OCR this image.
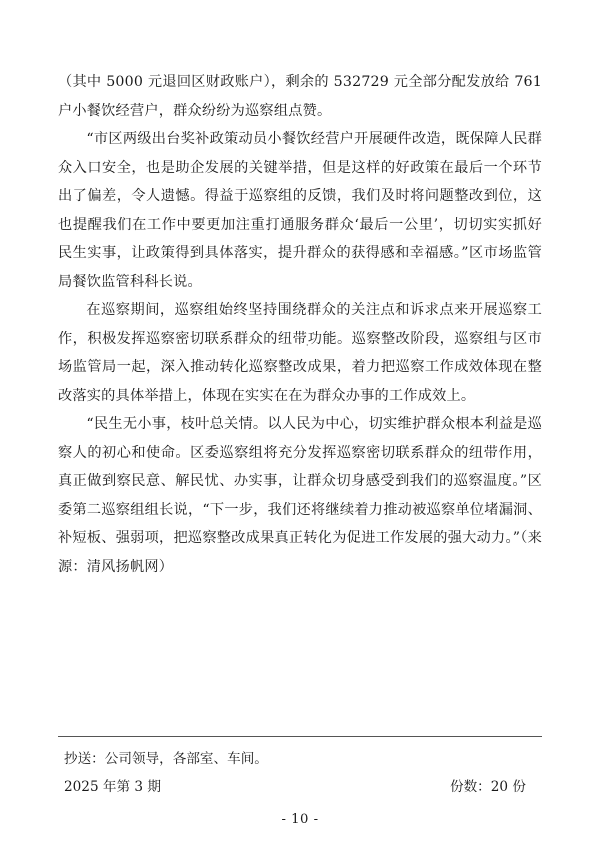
（其中 5000 元退回区财政账户），剩余的 532729 元全部分配发放给 761 户小餐饮经营户，群众纷纷为巡察组点赞。

“市区两级出台奖补政策动员小餐饮经营户开展硬件改造，既保障人民群众入口安全，也是助企发展的关键举措，但是这样的好政策在最后一个环节出了偏差，令人遗憾。得益于巡察组的反馈，我们及时将问题整改到位，这也提醒我们在工作中要更加注重打通服务群众‘最后一公里’，切切实实抓好民生实事，让政策得到具体落实，提升群众的获得感和幸福感。”区市场监管局餐饮监管科科长说。

在巡察期间，巡察组始终坚持围绕群众的关注点和诉求点来开展巡察工作，积极发挥巡察密切联系群众的纽带ִ功能。巡察整改阶段，巡察组与区市场监管局一起，深入推动转化巡察整改成果，着力把巡察工作成效体现在整改落实的具体举措上，体现在实实在在为群众办事的工作成效上。

“民生无小事，枝叶总关情。以人民为中心，切实维护群众根本利益是巡察人的初心和使命。区委巡察组将充分发挥巡察密切联系群众的纽带作用，真正做到察民意、解民忧、办实事，让群众切身感受到我们的巡察温度。”区委第二巡察组组长说，“下一步，我们还将继续着力推动被巡察单位堵漏洞、补短板、强弱项，把巡察整改成果真正转化为促进工作发展的强大动力。”（来源：清风扬帆网）

抄送：公司领导，各部室、车间。
2025 年第 3 期	份数：20 份
- 10 -
